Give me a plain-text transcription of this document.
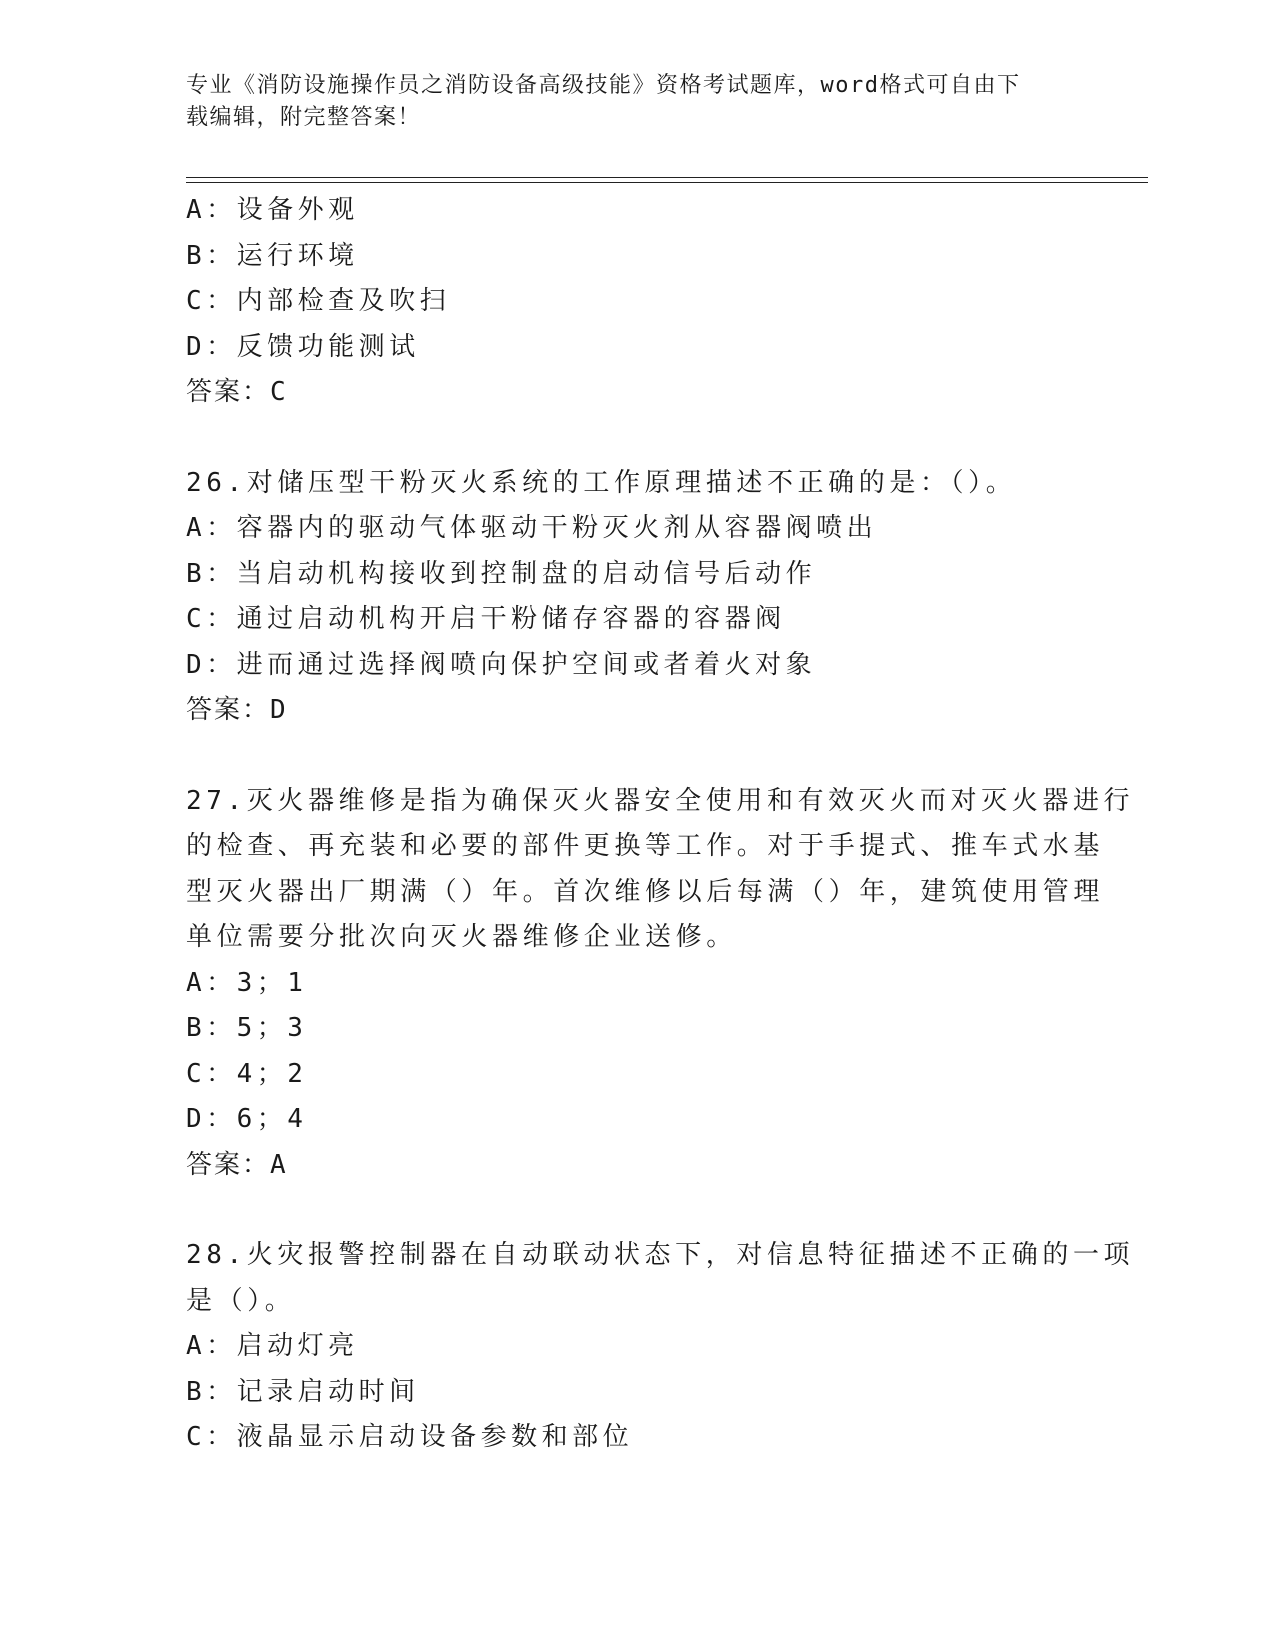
专业《消防设施操作员之消防设备高级技能》资格考试题库，word格式可自由下
载编辑，附完整答案！
A：设备外观
B：运行环境
C：内部检查及吹扫
D：反馈功能测试
答案：C
26.对储压型干粉灭火系统的工作原理描述不正确的是：（）。
A：容器内的驱动气体驱动干粉灭火剂从容器阀喷出
B：当启动机构接收到控制盘的启动信号后动作
C：通过启动机构开启干粉储存容器的容器阀
D：进而通过选择阀喷向保护空间或者着火对象
答案：D
27.灭火器维修是指为确保灭火器安全使用和有效灭火而对灭火器进行
的检查、再充装和必要的部件更换等工作。对于手提式、推车式水基
型灭火器出厂期满（）年。首次维修以后每满（）年，建筑使用管理
单位需要分批次向灭火器维修企业送修。
A：3；1
B：5；3
C：4；2
D：6；4
答案：A
28.火灾报警控制器在自动联动状态下，对信息特征描述不正确的一项
是（）。
A：启动灯亮
B：记录启动时间
C：液晶显示启动设备参数和部位
